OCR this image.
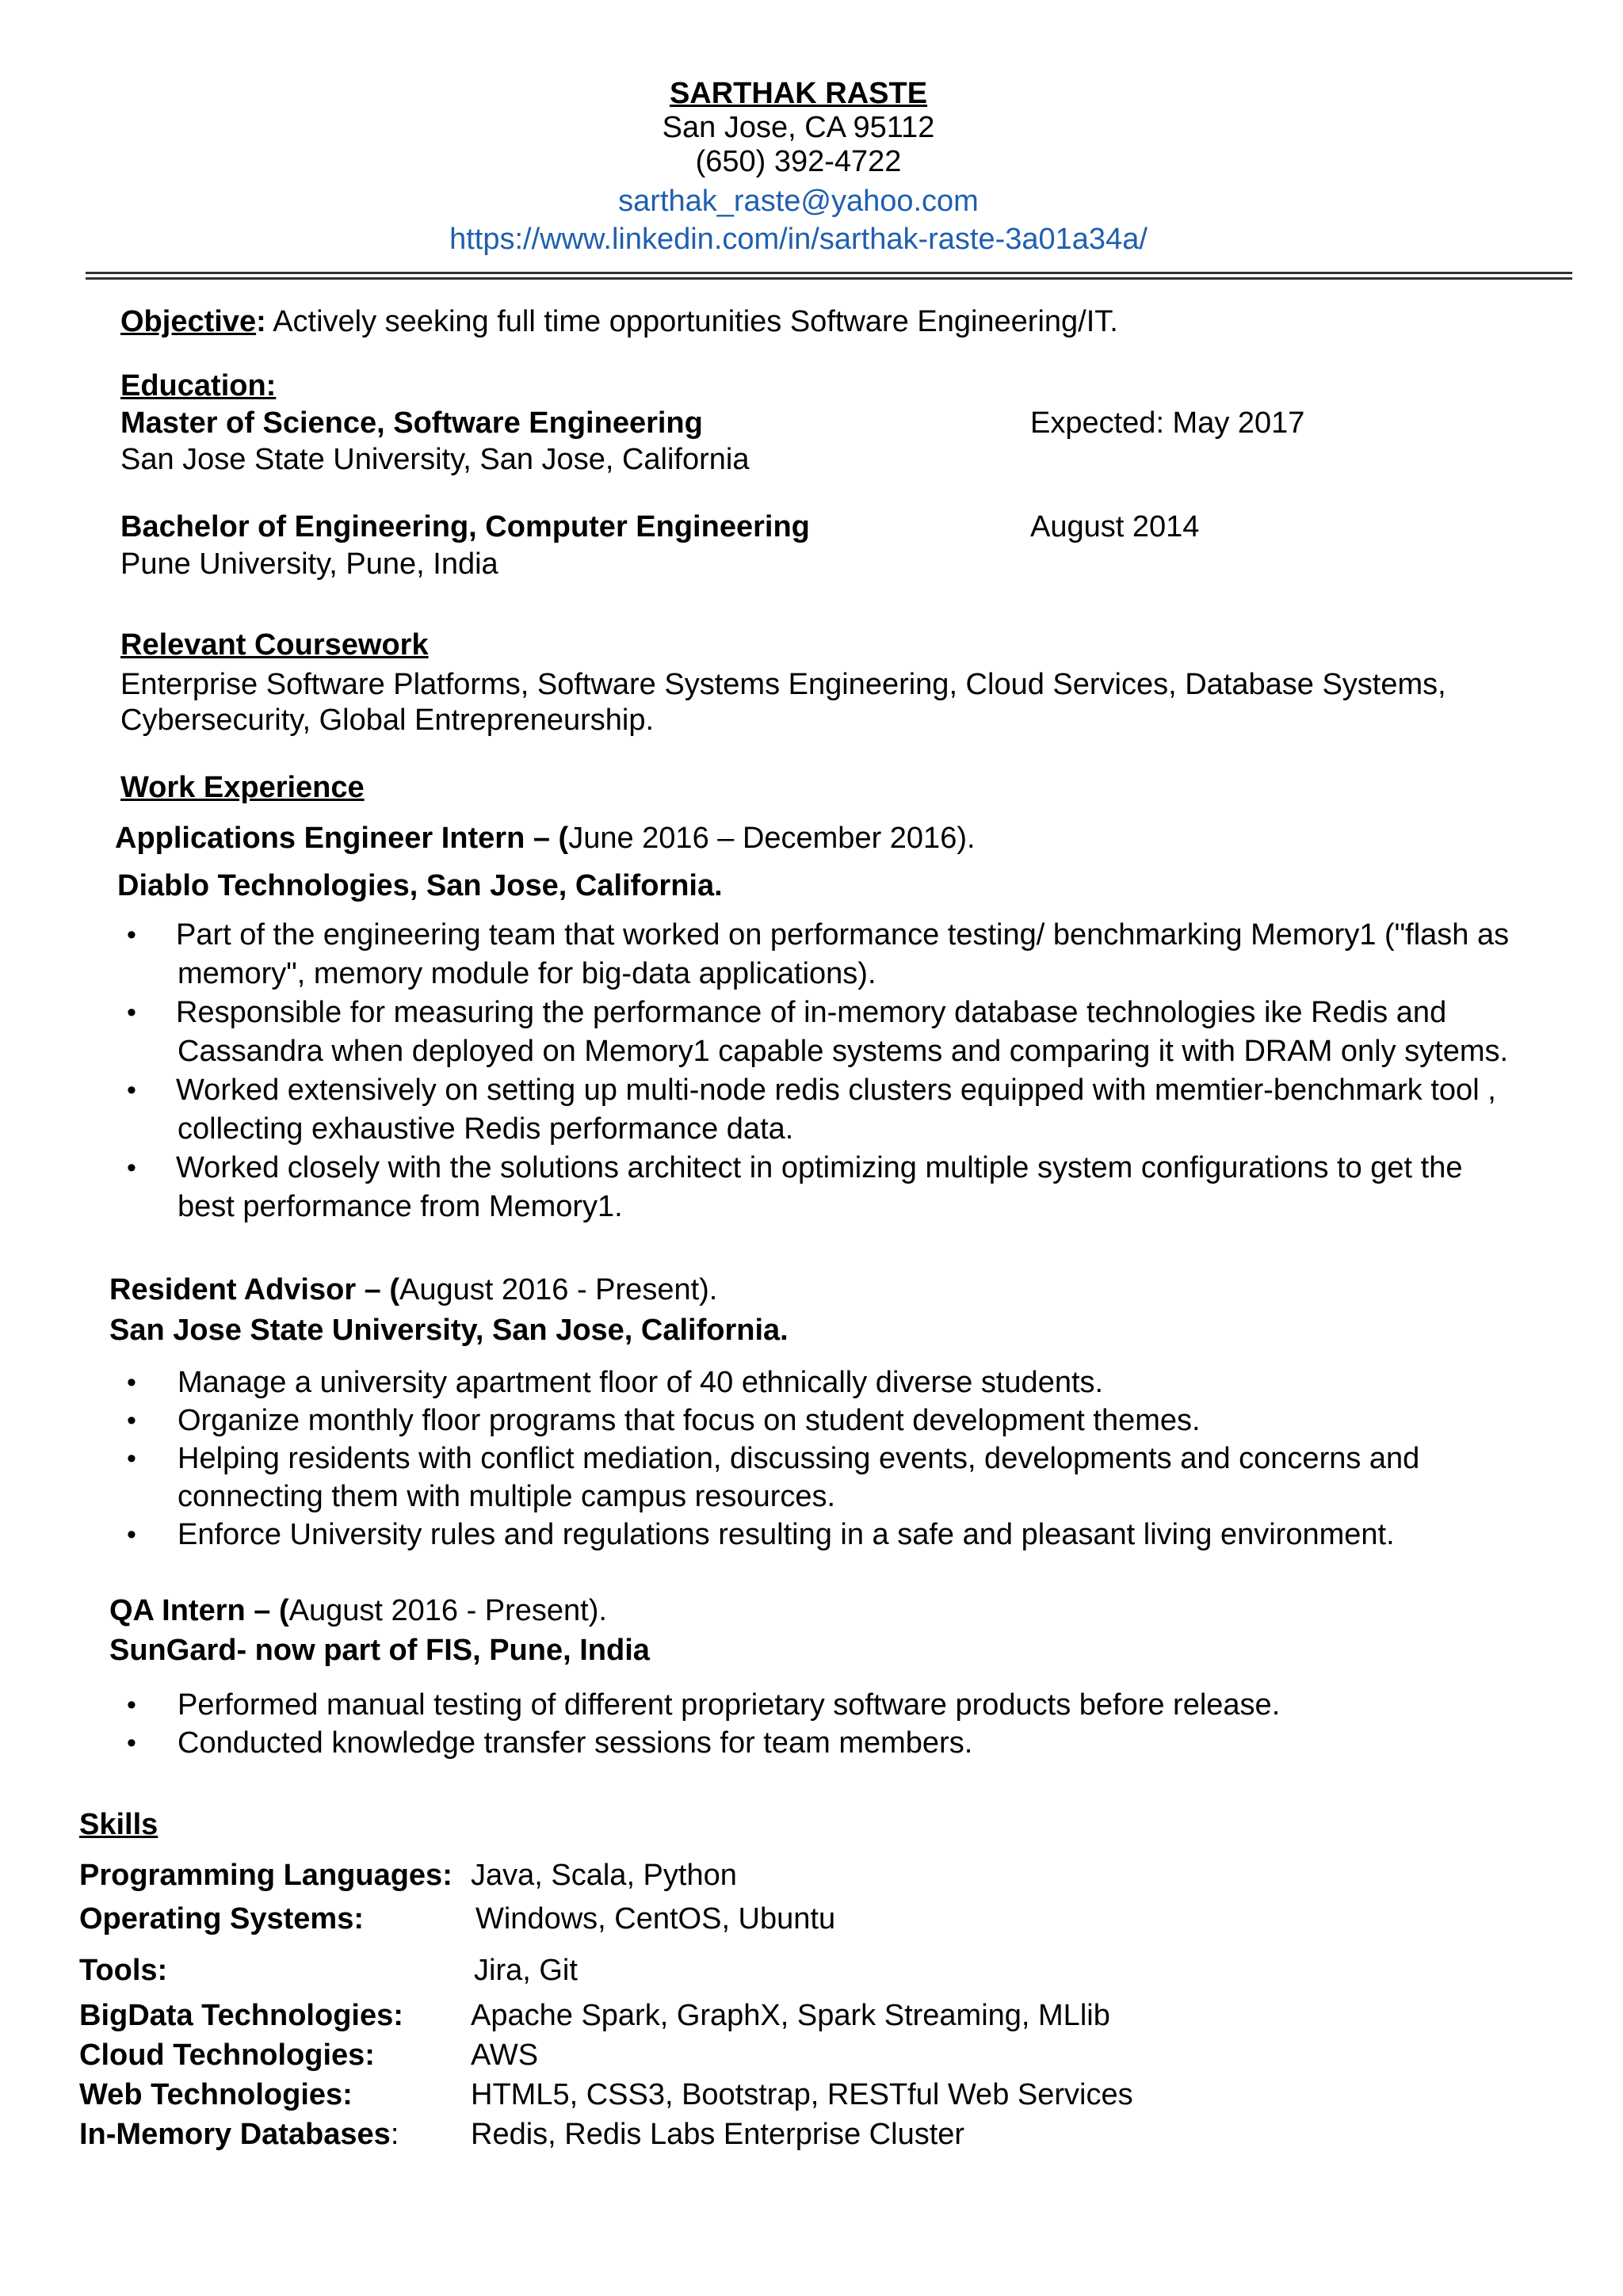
SARTHAK RASTE
San Jose, CA 95112
(650) 392-4722
sarthak_raste@yahoo.com
https://www.linkedin.com/in/sarthak-raste-3a01a34a/
Objective: Actively seeking full time opportunities Software Engineering/IT.
Education:
Master of Science, Software Engineering	Expected: May 2017
San Jose State University, San Jose, California
Bachelor of Engineering, Computer Engineering	August 2014
Pune University, Pune, India
Relevant Coursework
Enterprise Software Platforms, Software Systems Engineering, Cloud Services, Database Systems,
Cybersecurity, Global Entrepreneurship.
Work Experience
Applications Engineer Intern – (June 2016 – December 2016).
Diablo Technologies, San Jose, California.
• Part of the engineering team that worked on performance testing/ benchmarking Memory1 ("flash as
memory", memory module for big-data applications).
• Responsible for measuring the performance of in-memory database technologies ike Redis and
Cassandra when deployed on Memory1 capable systems and comparing it with DRAM only sytems.
• Worked extensively on setting up multi-node redis clusters equipped with memtier-benchmark tool ,
collecting exhaustive Redis performance data.
• Worked closely with the solutions architect in optimizing multiple system configurations to get the
best performance from Memory1.
Resident Advisor – (August 2016 - Present).
San Jose State University, San Jose, California.
• Manage a university apartment floor of 40 ethnically diverse students.
• Organize monthly floor programs that focus on student development themes.
• Helping residents with conflict mediation, discussing events, developments and concerns and
connecting them with multiple campus resources.
• Enforce University rules and regulations resulting in a safe and pleasant living environment.
QA Intern – (August 2016 - Present).
SunGard- now part of FIS, Pune, India
• Performed manual testing of different proprietary software products before release.
• Conducted knowledge transfer sessions for team members.
Skills
Programming Languages: Java, Scala, Python
Operating Systems:	Windows, CentOS, Ubuntu
Tools:	Jira, Git
BigData Technologies: Apache Spark, GraphX, Spark Streaming, MLlib
Cloud Technologies:	AWS
Web Technologies:	HTML5, CSS3, Bootstrap, RESTful Web Services
In-Memory Databases: Redis, Redis Labs Enterprise Cluster
